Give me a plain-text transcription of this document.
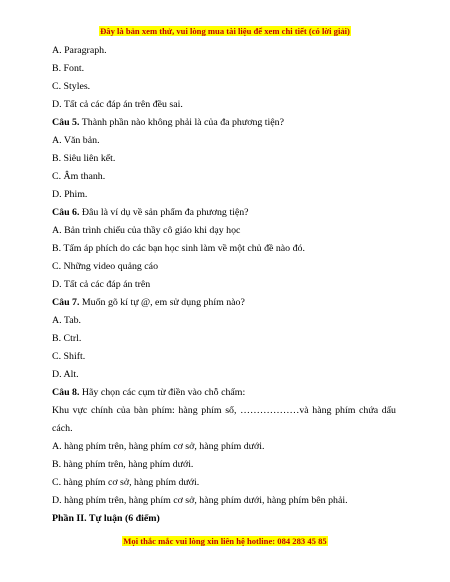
Đây là bản xem thử, vui lòng mua tài liệu để xem chi tiết (có lời giải)
A. Paragraph.
B. Font.
C. Styles.
D. Tất cả các đáp án trên đều sai.
Câu 5. Thành phần nào không phải là của đa phương tiện?
A. Văn bản.
B. Siêu liên kết.
C. Âm thanh.
D. Phim.
Câu 6. Đâu là ví dụ về sản phẩm đa phương tiện?
A. Bản trình chiếu của thầy cô giáo khi dạy học
B. Tấm áp phích do các bạn học sinh làm về một chủ đề nào đó.
C. Những video quảng cáo
D. Tất cả các đáp án trên
Câu 7. Muốn gõ kí tự @, em sử dụng phím nào?
A. Tab.
B. Ctrl.
C. Shift.
D. Alt.
Câu 8. Hãy chọn các cụm từ điền vào chỗ chấm:
Khu vực chính của bàn phím: hàng phím số, ………………và hàng phím chứa dấu cách.
A. hàng phím trên, hàng phím cơ sở, hàng phím dưới.
B. hàng phím trên, hàng phím dưới.
C. hàng phím cơ sở, hàng phím dưới.
D. hàng phím trên, hàng phím cơ sở, hàng phím dưới, hàng phím bên phải.
Phần II. Tự luận (6 điểm)
Mọi thắc mắc vui lòng xin liên hệ hotline: 084 283 45 85
